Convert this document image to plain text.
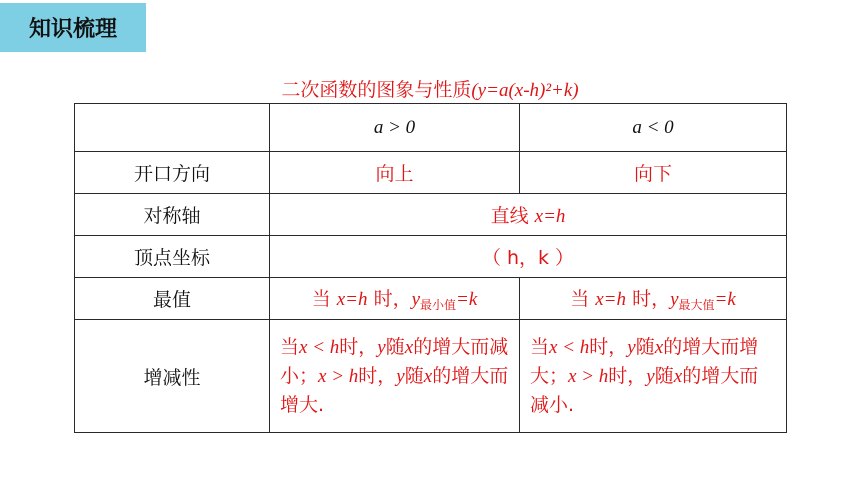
知识梳理
二次函数的图象与性质(y=a(x-h)²+k)
	a > 0	a < 0
开口方向	向上	向下
对称轴	直线 x=h	
顶点坐标	（ h，k ）	
最值	当 x=h 时，$y_{最小值}=k$	当 x=h 时，$y_{最大值}=k$
增减性	当x < h时，y随x的增大而减小；x > h时，y随x的增大而增大.	当x < h时，y随x的增大而增大；x > h时，y随x的增大而减小.
